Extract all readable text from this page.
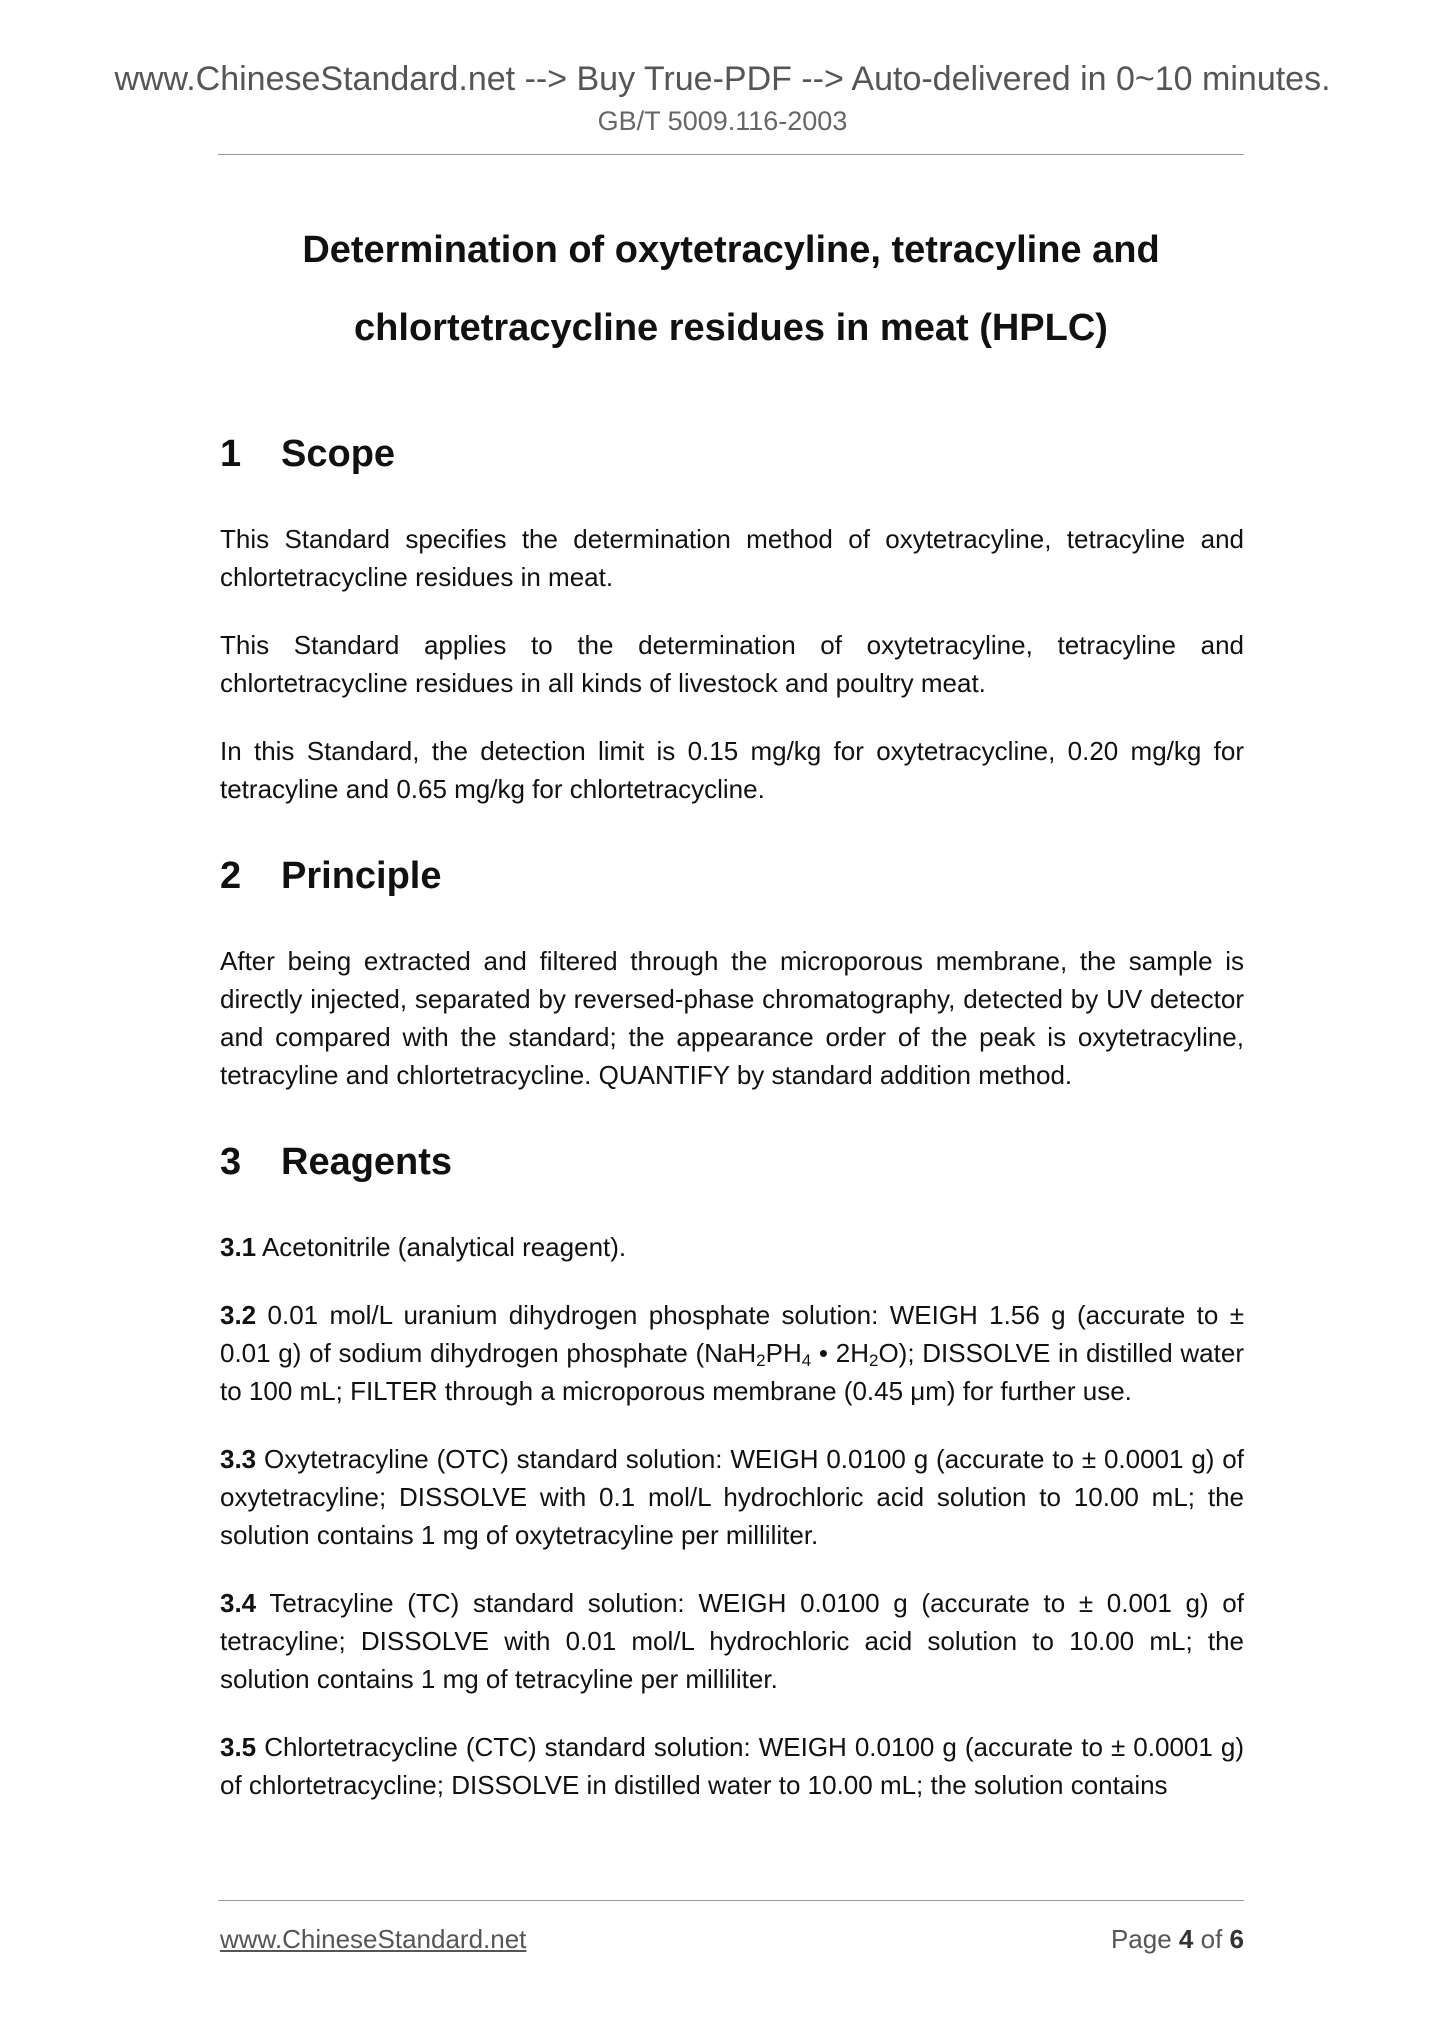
www.ChineseStandard.net --> Buy True-PDF --> Auto-delivered in 0~10 minutes.
GB/T 5009.116-2003
Determination of oxytetracyline, tetracyline and
chlortetracycline residues in meat (HPLC)
1 Scope

This Standard specifies the determination method of oxytetracyline, tetracyline and chlortetracycline residues in meat.

This Standard applies to the determination of oxytetracyline, tetracyline and chlortetracycline residues in all kinds of livestock and poultry meat.

In this Standard, the detection limit is 0.15 mg/kg for oxytetracycline, 0.20 mg/kg for tetracyline and 0.65 mg/kg for chlortetracycline.

2 Principle

After being extracted and filtered through the microporous membrane, the sample is directly injected, separated by reversed-phase chromatography, detected by UV detector and compared with the standard; the appearance order of the peak is oxytetracyline, tetracyline and chlortetracycline. QUANTIFY by standard addition method.

3 Reagents

3.1 Acetonitrile (analytical reagent).

3.2 0.01 mol/L uranium dihydrogen phosphate solution: WEIGH 1.56 g (accurate to ± 0.01 g) of sodium dihydrogen phosphate ($NaH_2PH_4$ • $2H_2O$); DISSOLVE in distilled water to 100 mL; FILTER through a microporous membrane (0.45 μm) for further use.

3.3 Oxytetracyline (OTC) standard solution: WEIGH 0.0100 g (accurate to ± 0.0001 g) of oxytetracyline; DISSOLVE with 0.1 mol/L hydrochloric acid solution to 10.00 mL; the solution contains 1 mg of oxytetracyline per milliliter.

3.4 Tetracyline (TC) standard solution: WEIGH 0.0100 g (accurate to ± 0.001 g) of tetracyline; DISSOLVE with 0.01 mol/L hydrochloric acid solution to 10.00 mL; the solution contains 1 mg of tetracyline per milliliter.

3.5 Chlortetracycline (CTC) standard solution: WEIGH 0.0100 g (accurate to ± 0.0001 g) of chlortetracycline; DISSOLVE in distilled water to 10.00 mL; the solution contains

www.ChineseStandard.net	Page 4 of 6
